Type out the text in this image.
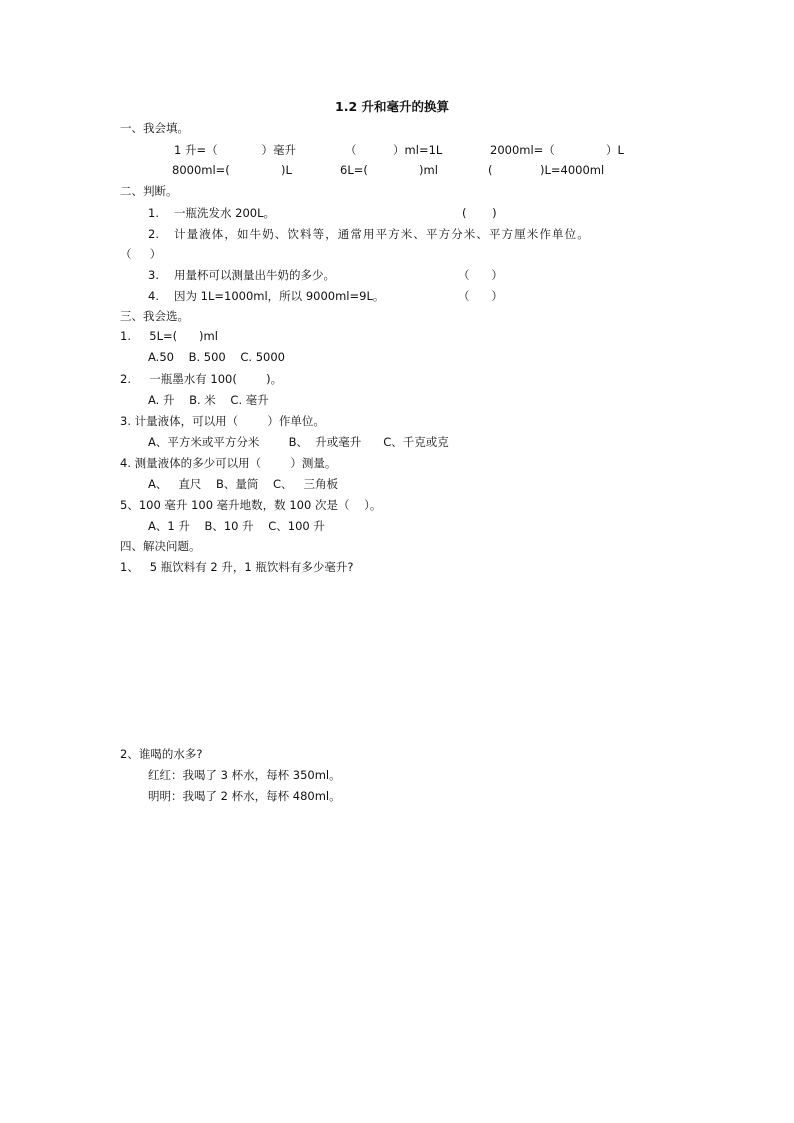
1.2 升和毫升的换算
一、我会填。
1 升=（            ）毫升	（          ）ml=1L	2000ml=（              ）L
8000ml=(              )L	6L=(              )ml	(             )L=4000ml
二、判断。
1. 一瓶洗发水 200L。	(       )
2. 计量液体，如牛奶、饮料等，通常用平方米、平方分米、平方厘米作单位。
（     ）
3. 用量杯可以测量出牛奶的多少。	（      ）
4. 因为 1L=1000ml，所以 9000ml=9L。	（      ）
三、我会选。
1.     5L=(      )ml
A.50    B. 500    C. 5000
2.     一瓶墨水有 100(        )。
A. 升    B. 米    C. 毫升
3. 计量液体，可以用（        ）作单位。
A、平方米或平方分米        B、  升或毫升      C、千克或克
4. 测量液体的多少可以用（        ）测量。
A、   直尺    B、量筒    C、   三角板
5、100 毫升 100 毫升地数，数 100 次是（    ）。
A、1 升    B、10 升    C、100 升
四、解决问题。
1、   5 瓶饮料有 2 升，1 瓶饮料有多少毫升?
2、谁喝的水多?
红红：我喝了 3 杯水，每杯 350ml。
明明：我喝了 2 杯水，每杯 480ml。
